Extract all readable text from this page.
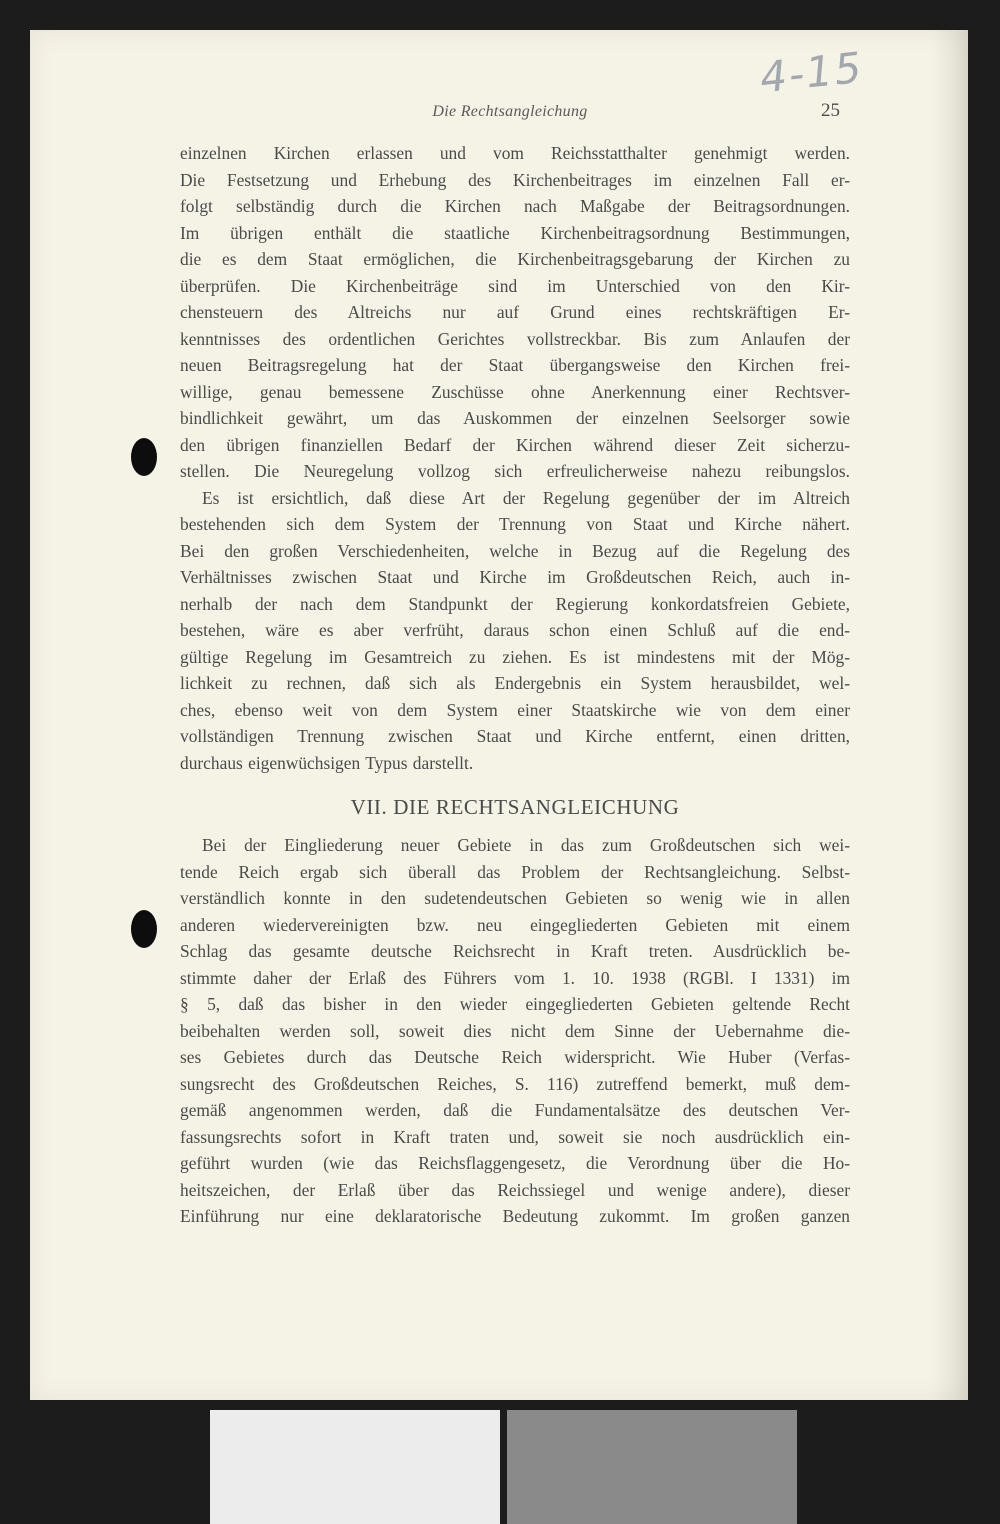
4-15
Die Rechtsangleichung	25
einzelnen Kirchen erlassen und vom Reichsstatthalter genehmigt werden.
Die Festsetzung und Erhebung des Kirchenbeitrages im einzelnen Fall er-
folgt selbständig durch die Kirchen nach Maßgabe der Beitragsordnungen.
Im übrigen enthält die staatliche Kirchenbeitragsordnung Bestimmungen,
die es dem Staat ermöglichen, die Kirchenbeitragsgebarung der Kirchen zu
überprüfen. Die Kirchenbeiträge sind im Unterschied von den Kir-
chensteuern des Altreichs nur auf Grund eines rechtskräftigen Er-
kenntnisses des ordentlichen Gerichtes vollstreckbar. Bis zum Anlaufen der
neuen Beitragsregelung hat der Staat übergangsweise den Kirchen frei-
willige, genau bemessene Zuschüsse ohne Anerkennung einer Rechtsver-
bindlichkeit gewährt, um das Auskommen der einzelnen Seelsorger sowie
den übrigen finanziellen Bedarf der Kirchen während dieser Zeit sicherzu-
stellen. Die Neuregelung vollzog sich erfreulicherweise nahezu reibungslos.
Es ist ersichtlich, daß diese Art der Regelung gegenüber der im Altreich
bestehenden sich dem System der Trennung von Staat und Kirche nähert.
Bei den großen Verschiedenheiten, welche in Bezug auf die Regelung des
Verhältnisses zwischen Staat und Kirche im Großdeutschen Reich, auch in-
nerhalb der nach dem Standpunkt der Regierung konkordatsfreien Gebiete,
bestehen, wäre es aber verfrüht, daraus schon einen Schluß auf die end-
gültige Regelung im Gesamtreich zu ziehen. Es ist mindestens mit der Mög-
lichkeit zu rechnen, daß sich als Endergebnis ein System herausbildet, wel-
ches, ebenso weit von dem System einer Staatskirche wie von dem einer
vollständigen Trennung zwischen Staat und Kirche entfernt, einen dritten,
durchaus eigenwüchsigen Typus darstellt.
VII. DIE RECHTSANGLEICHUNG
Bei der Eingliederung neuer Gebiete in das zum Großdeutschen sich wei-
tende Reich ergab sich überall das Problem der Rechtsangleichung. Selbst-
verständlich konnte in den sudetendeutschen Gebieten so wenig wie in allen
anderen wiedervereinigten bzw. neu eingegliederten Gebieten mit einem
Schlag das gesamte deutsche Reichsrecht in Kraft treten. Ausdrücklich be-
stimmte daher der Erlaß des Führers vom 1. 10. 1938 (RGBl. I 1331) im
§ 5, daß das bisher in den wieder eingegliederten Gebieten geltende Recht
beibehalten werden soll, soweit dies nicht dem Sinne der Uebernahme die-
ses Gebietes durch das Deutsche Reich widerspricht. Wie Huber (Verfas-
sungsrecht des Großdeutschen Reiches, S. 116) zutreffend bemerkt, muß dem-
gemäß angenommen werden, daß die Fundamentalsätze des deutschen Ver-
fassungsrechts sofort in Kraft traten und, soweit sie noch ausdrücklich ein-
geführt wurden (wie das Reichsflaggengesetz, die Verordnung über die Ho-
heitszeichen, der Erlaß über das Reichssiegel und wenige andere), dieser
Einführung nur eine deklaratorische Bedeutung zukommt. Im großen ganzen
